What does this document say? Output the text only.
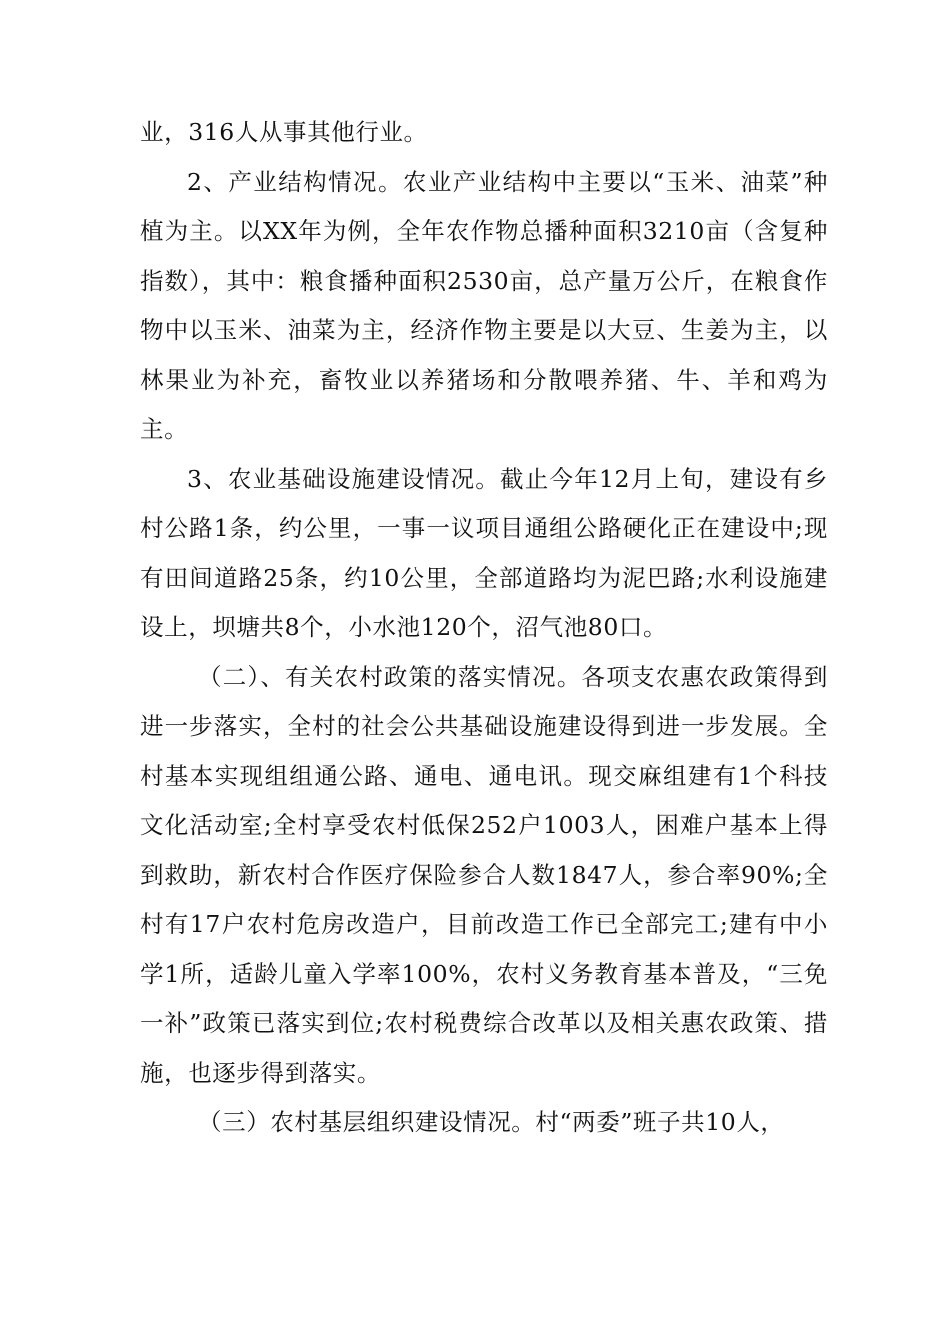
业，316人从事其他行业。

2、产业结构情况。农业产业结构中主要以“玉米、油菜”种植为主。以XX年为例，全年农作物总播种面积3210亩（含复种指数），其中：粮食播种面积2530亩，总产量万公斤，在粮食作物中以玉米、油菜为主，经济作物主要是以大豆、生姜为主，以林果业为补充，畜牧业以养猪场和分散喂养猪、牛、羊和鸡为主。

3、农业基础设施建设情况。截止今年12月上旬，建设有乡村公路1条，约公里，一事一议项目通组公路硬化正在建设中;现有田间道路25条，约10公里，全部道路均为泥巴路;水利设施建设上，坝塘共8个，小水池120个，沼气池80口。

（二）、有关农村政策的落实情况。各项支农惠农政策得到进一步落实，全村的社会公共基础设施建设得到进一步发展。全村基本实现组组通公路、通电、通电讯。现交麻组建有1个科技文化活动室;全村享受农村低保252户1003人，困难户基本上得到救助，新农村合作医疗保险参合人数1847人，参合率90%;全村有17户农村危房改造户，目前改造工作已全部完工;建有中小学1所，适龄儿童入学率100%，农村义务教育基本普及，“三免一补”政策已落实到位;农村税费综合改革以及相关惠农政策、措施，也逐步得到落实。

（三）农村基层组织建设情况。村“两委”班子共10人，
